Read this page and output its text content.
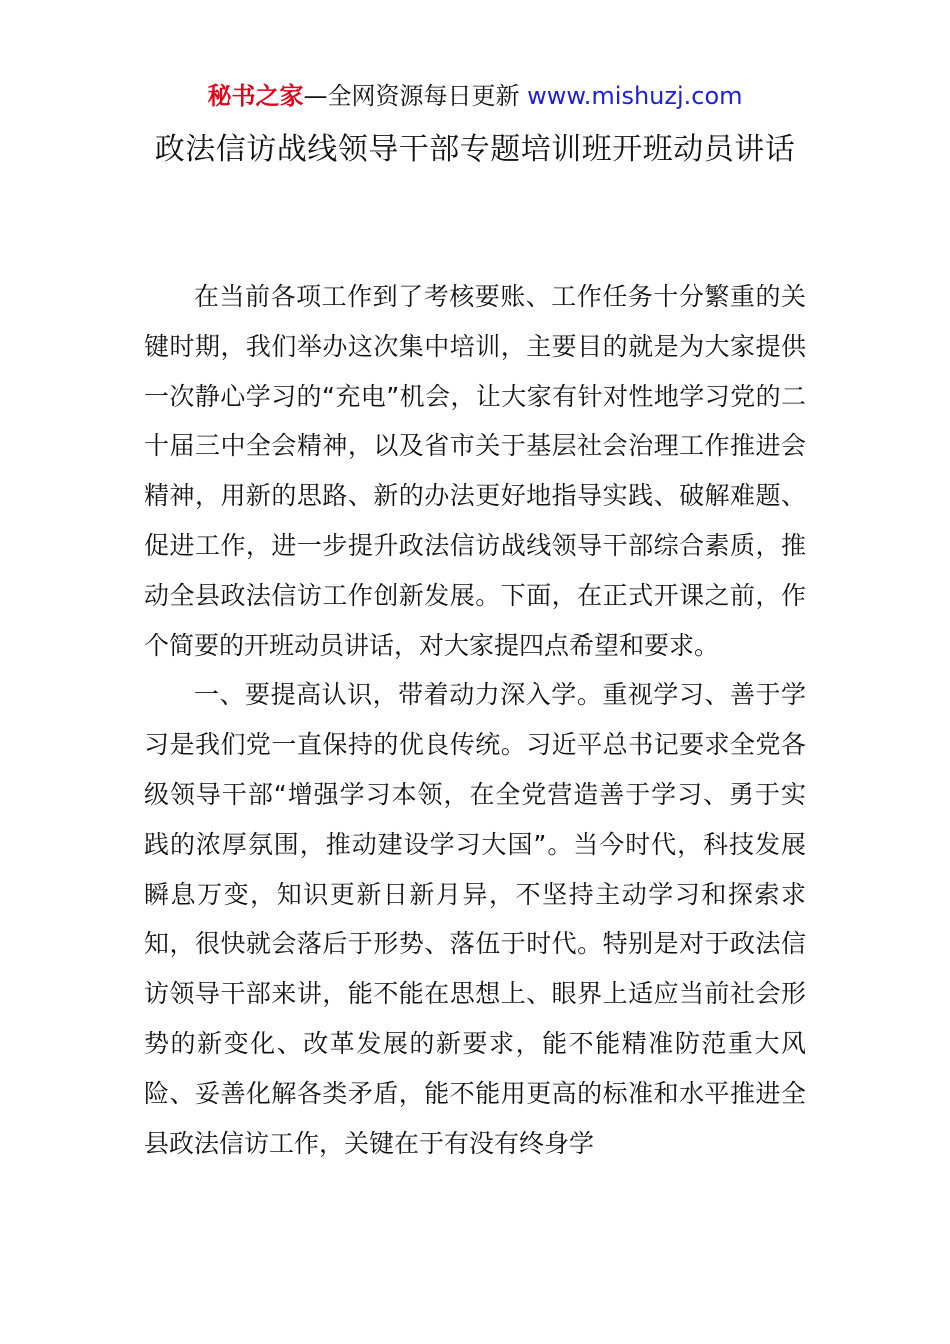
秘书之家—全网资源每日更新 www.mishuzj.com
政法信访战线领导干部专题培训班开班动员讲话

在当前各项工作到了考核要账、工作任务十分繁重的关键时期，我们举办这次集中培训，主要目的就是为大家提供一次静心学习的“充电”机会，让大家有针对性地学习党的二十届三中全会精神，以及省市关于基层社会治理工作推进会精神，用新的思路、新的办法更好地指导实践、破解难题、促进工作，进一步提升政法信访战线领导干部综合素质，推动全县政法信访工作创新发展。下面，在正式开课之前，作个简要的开班动员讲话，对大家提四点希望和要求。

一、要提高认识，带着动力深入学。重视学习、善于学习是我们党一直保持的优良传统。习近平总书记要求全党各级领导干部“增强学习本领，在全党营造善于学习、勇于实践的浓厚氛围，推动建设学习大国”。当今时代，科技发展瞬息万变，知识更新日新月异，不坚持主动学习和探索求知，很快就会落后于形势、落伍于时代。特别是对于政法信访领导干部来讲，能不能在思想上、眼界上适应当前社会形势的新变化、改革发展的新要求，能不能精准防范重大风险、妥善化解各类矛盾，能不能用更高的标准和水平推进全县政法信访工作，关键在于有没有终身学
